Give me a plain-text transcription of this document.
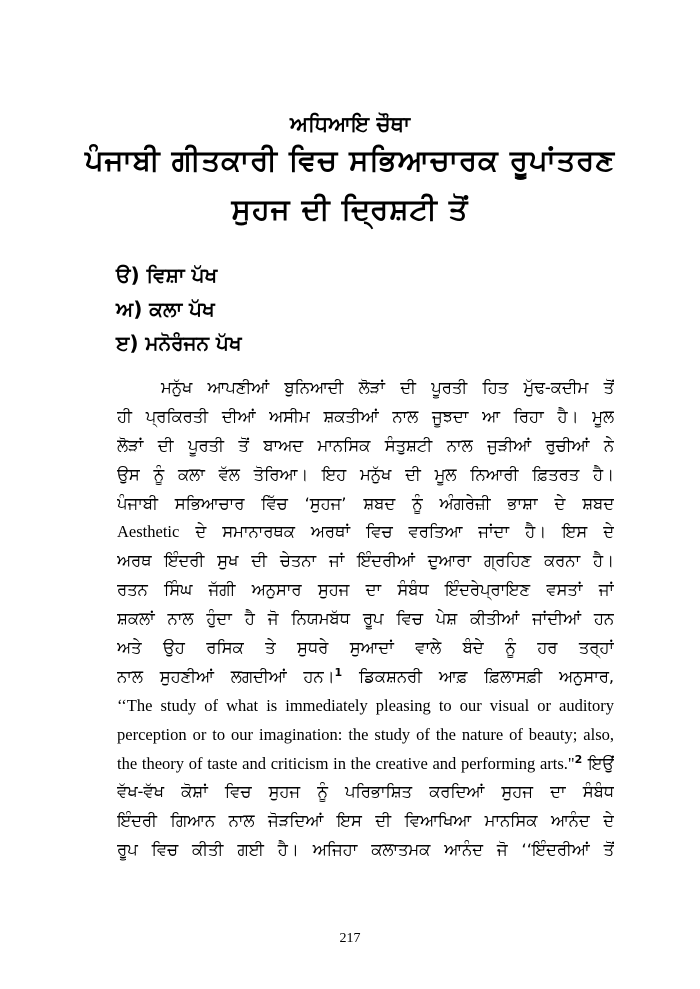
ਅਧਿਆਇ ਚੌਥਾ
ਪੰਜਾਬੀ ਗੀਤਕਾਰੀ ਵਿਚ ਸਭਿਆਚਾਰਕ ਰੂਪਾਂਤਰਣ
ਸੁਹਜ ਦੀ ਦ੍ਰਿਸ਼ਟੀ ਤੋਂ
ੳ) ਵਿਸ਼ਾ ਪੱਖ
ਅ) ਕਲਾ ਪੱਖ
ੲ) ਮਨੋਰੰਜਨ ਪੱਖ
ਮਨੁੱਖ ਆਪਣੀਆਂ ਬੁਨਿਆਦੀ ਲੋੜਾਂ ਦੀ ਪੂਰਤੀ ਹਿਤ ਮੁੱਢ-ਕਦੀਮ ਤੋਂ
ਹੀ ਪ੍ਰਕਿਰਤੀ ਦੀਆਂ ਅਸੀਮ ਸ਼ਕਤੀਆਂ ਨਾਲ ਜੂਝਦਾ ਆ ਰਿਹਾ ਹੈ। ਮੂਲ
ਲੋੜਾਂ ਦੀ ਪੂਰਤੀ ਤੋਂ ਬਾਅਦ ਮਾਨਸਿਕ ਸੰਤੁਸ਼ਟੀ ਨਾਲ ਜੁੜੀਆਂ ਰੁਚੀਆਂ ਨੇ
ਉਸ ਨੂੰ ਕਲਾ ਵੱਲ ਤੋਰਿਆ। ਇਹ ਮਨੁੱਖ ਦੀ ਮੂਲ ਨਿਆਰੀ ਫ਼ਿਤਰਤ ਹੈ।
ਪੰਜਾਬੀ ਸਭਿਆਚਾਰ ਵਿੱਚ ‘ਸੁਹਜ’ ਸ਼ਬਦ ਨੂੰ ਅੰਗਰੇਜ਼ੀ ਭਾਸ਼ਾ ਦੇ ਸ਼ਬਦ
Aesthetic ਦੇ ਸਮਾਨਾਰਥਕ ਅਰਥਾਂ ਵਿਚ ਵਰਤਿਆ ਜਾਂਦਾ ਹੈ। ਇਸ ਦੇ
ਅਰਥ ਇੰਦਰੀ ਸੁਖ ਦੀ ਚੇਤਨਾ ਜਾਂ ਇੰਦਰੀਆਂ ਦੁਆਰਾ ਗ੍ਰਹਿਣ ਕਰਨਾ ਹੈ।
ਰਤਨ ਸਿੰਘ ਜੱਗੀ ਅਨੁਸਾਰ ਸੁਹਜ ਦਾ ਸੰਬੰਧ ਇੰਦਰੇਪ੍ਰਾਇਣ ਵਸਤਾਂ ਜਾਂ
ਸ਼ਕਲਾਂ ਨਾਲ ਹੁੰਦਾ ਹੈ ਜੋ ਨਿਯਮਬੱਧ ਰੂਪ ਵਿਚ ਪੇਸ਼ ਕੀਤੀਆਂ ਜਾਂਦੀਆਂ ਹਨ
ਅਤੇ ਉਹ ਰਸਿਕ ਤੇ ਸੁਧਰੇ ਸੁਆਦਾਂ ਵਾਲੇ ਬੰਦੇ ਨੂੰ ਹਰ ਤਰ੍ਹਾਂ
ਨਾਲ ਸੁਹਣੀਆਂ ਲਗਦੀਆਂ ਹਨ।$^1$ ਡਿਕਸ਼ਨਰੀ ਆਫ਼ ਫ਼ਿਲਾਸਫ਼ੀ ਅਨੁਸਾਰ,
‘‘The study of what is immediately pleasing to our visual or auditory
perception or to our imagination: the study of the nature of beauty; also,
the theory of taste and criticism in the creative and performing arts."$^2$ ਇਉਂ
ਵੱਖ-ਵੱਖ ਕੋਸ਼ਾਂ ਵਿਚ ਸੁਹਜ ਨੂੰ ਪਰਿਭਾਸ਼ਿਤ ਕਰਦਿਆਂ ਸੁਹਜ ਦਾ ਸੰਬੰਧ
ਇੰਦਰੀ ਗਿਆਨ ਨਾਲ ਜੋੜਦਿਆਂ ਇਸ ਦੀ ਵਿਆਖਿਆ ਮਾਨਸਿਕ ਆਨੰਦ ਦੇ
ਰੂਪ ਵਿਚ ਕੀਤੀ ਗਈ ਹੈ। ਅਜਿਹਾ ਕਲਾਤਮਕ ਆਨੰਦ ਜੋ ‘‘ਇੰਦਰੀਆਂ ਤੋਂ
217
